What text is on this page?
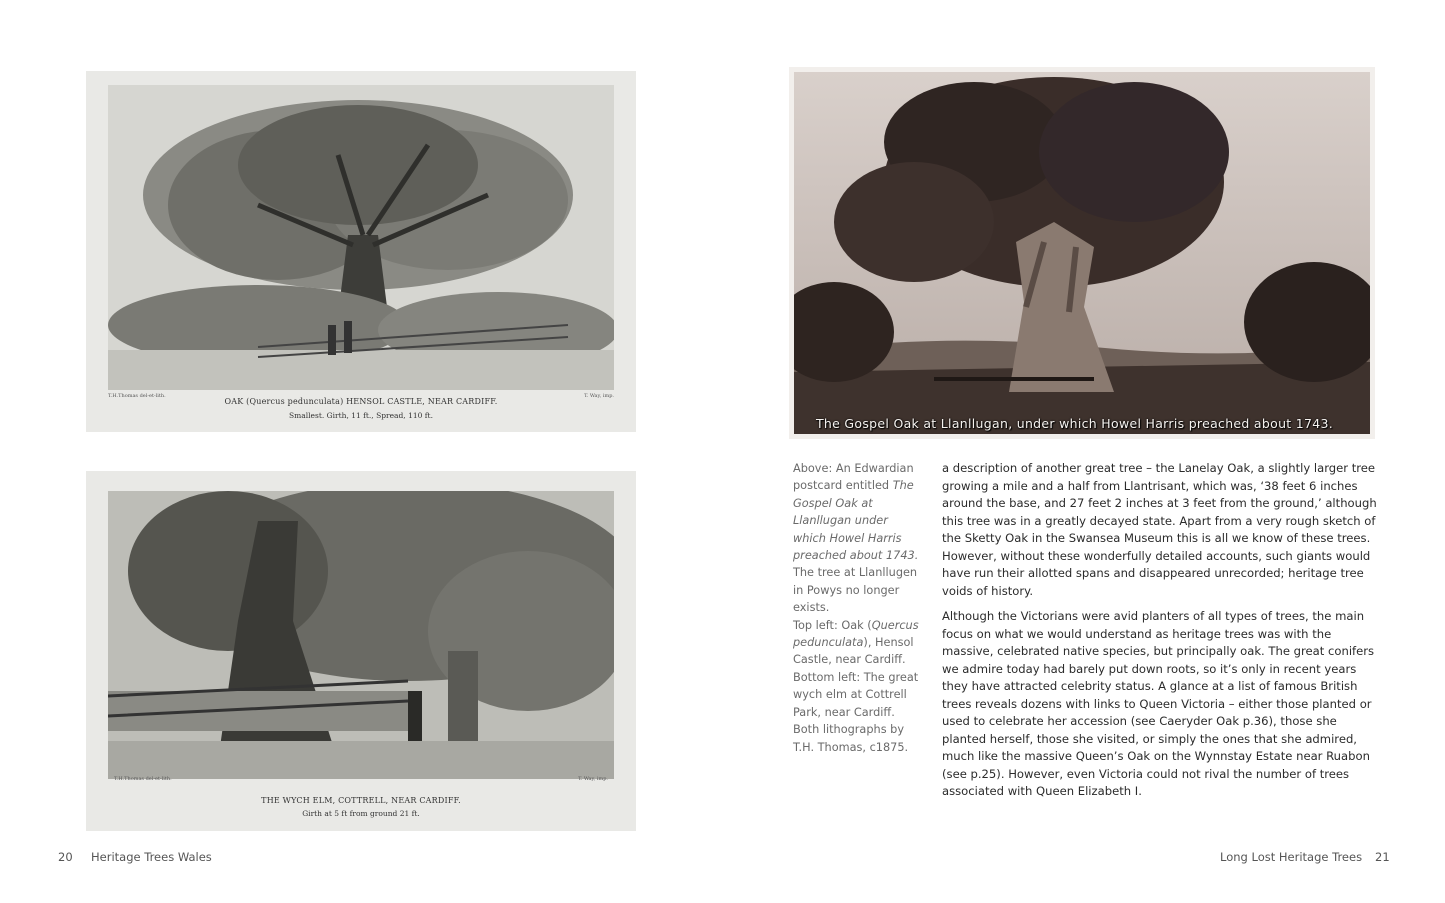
T.H.Thomas del-et-lith.	T. Way, imp.
OAK (Quercus pedunculata) HENSOL CASTLE, NEAR CARDIFF.
Smallest. Girth, 11 ft., Spread, 110 ft.
T.H.Thomas del-et-lith.	T. Way, imp.
THE WYCH ELM, COTTRELL, NEAR CARDIFF.
Girth at 5 ft from ground 21 ft.
The Gospel Oak at Llanllugan, under which Howel Harris preached about 1743.

Above: An Edwardian postcard entitled The Gospel Oak at Llanllugan under which Howel Harris preached about 1743. The tree at Llanllugen in Powys no longer exists.

Top left: Oak (Quercus pedunculata), Hensol Castle, near Cardiff.

Bottom left: The great wych elm at Cottrell Park, near Cardiff.

Both lithographs by T.H. Thomas, c1875.

a description of another great tree – the Lanelay Oak, a slightly larger tree growing a mile and a half from Llantrisant, which was, ‘38 feet 6 inches around the base, and 27 feet 2 inches at 3 feet from the ground,’ although this tree was in a greatly decayed state. Apart from a very rough sketch of the Sketty Oak in the Swansea Museum this is all we know of these trees. However, without these wonderfully detailed accounts, such giants would have run their allotted spans and disappeared unrecorded; heritage tree voids of history.

Although the Victorians were avid planters of all types of trees, the main focus on what we would understand as heritage trees was with the massive, celebrated native species, but principally oak. The great conifers we admire today had barely put down roots, so it’s only in recent years they have attracted celebrity status. A glance at a list of famous British trees reveals dozens with links to Queen Victoria – either those planted or used to celebrate her accession (see Caeryder Oak p.36), those she planted herself, those she visited, or simply the ones that she admired, much like the massive Queen’s Oak on the Wynnstay Estate near Ruabon (see p.25). However, even Victoria could not rival the number of trees associated with Queen Elizabeth I.

20 Heritage Trees Wales	Long Lost Heritage Trees 21
